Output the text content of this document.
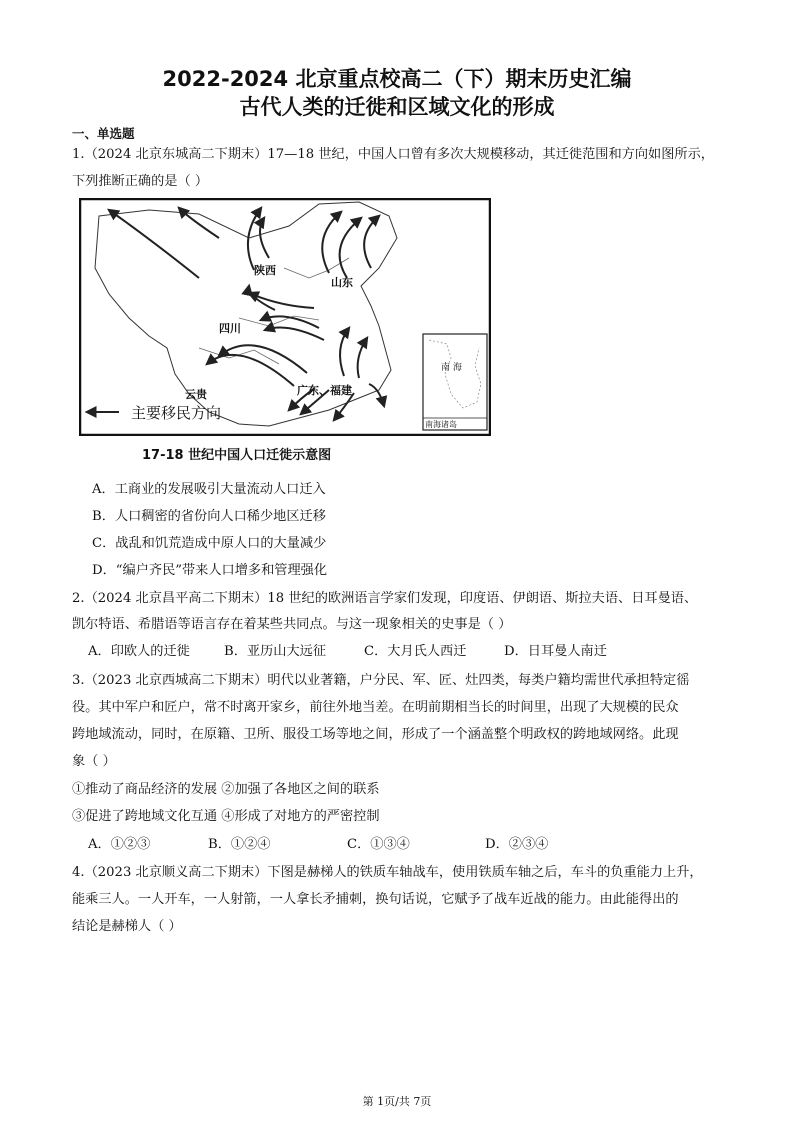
2022-2024 北京重点校高二（下）期末历史汇编
古代人类的迁徙和区域文化的形成
一、单选题
1.（2024 北京东城高二下期末）17—18 世纪，中国人口曾有多次大规模移动，其迁徙范围和方向如图所示，
下列推断正确的是（ ）
陕西
山东
四川
云贵	广东、福建
主要移民方向
南 海
南海诸岛
17-18 世纪中国人口迁徙示意图
A．工商业的发展吸引大量流动人口迁入
B．人口稠密的省份向人口稀少地区迁移
C．战乱和饥荒造成中原人口的大量减少
D．“编户齐民”带来人口增多和管理强化
2.（2024 北京昌平高二下期末）18 世纪的欧洲语言学家们发现，印度语、伊朗语、斯拉夫语、日耳曼语、
凯尔特语、希腊语等语言存在着某些共同点。与这一现象相关的史事是（ ）
A．印欧人的迁徙	B．亚历山大远征	C．大月氏人西迁	D．日耳曼人南迁
3.（2023 北京西城高二下期末）明代以业著籍，户分民、军、匠、灶四类，每类户籍均需世代承担特定徭
役。其中军户和匠户，常不时离开家乡，前往外地当差。在明前期相当长的时间里，出现了大规模的民众
跨地域流动，同时，在原籍、卫所、服役工场等地之间，形成了一个涵盖整个明政权的跨地域网络。此现
象（ ）
①推动了商品经济的发展 ②加强了各地区之间的联系
③促进了跨地域文化互通 ④形成了对地方的严密控制
A．①②③	B．①②④	C．①③④	D．②③④
4.（2023 北京顺义高二下期末）下图是赫梯人的铁质车轴战车，使用铁质车轴之后，车斗的负重能力上升，
能乘三人。一人开车，一人射箭，一人拿长矛捕刺，换句话说，它赋予了战车近战的能力。由此能得出的
结论是赫梯人（ ）
第 1页/共 7页
